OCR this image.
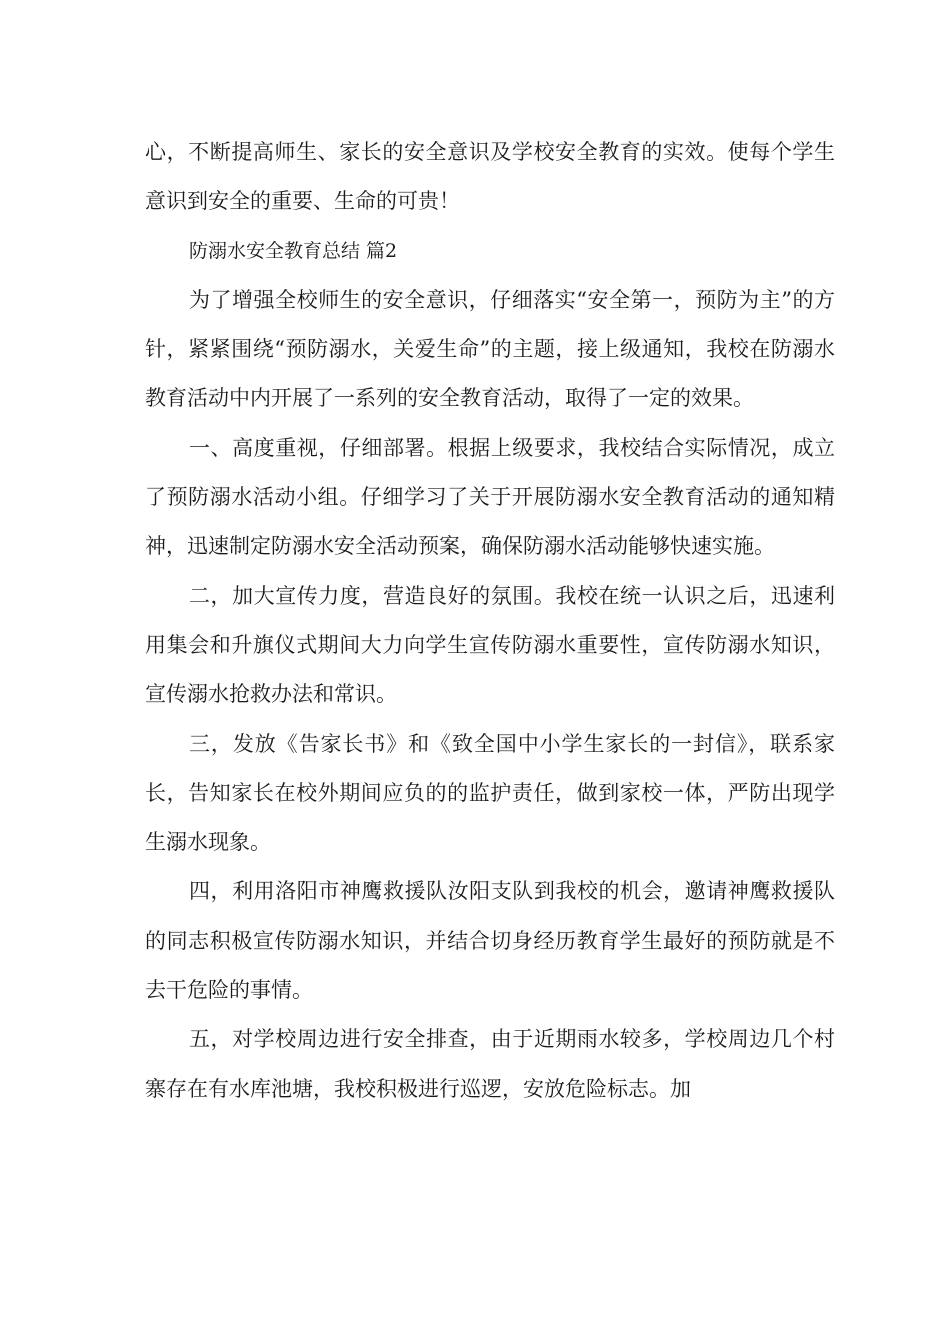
心，不断提高师生、家长的安全意识及学校安全教育的实效。使每个学生意识到安全的重要、生命的可贵！

防溺水安全教育总结 篇2

为了增强全校师生的安全意识，仔细落实“安全第一，预防为主”的方针，紧紧围绕“预防溺水，关爱生命”的主题，接上级通知，我校在防溺水教育活动中内开展了一系列的安全教育活动，取得了一定的效果。

一、高度重视，仔细部署。根据上级要求，我校结合实际情况，成立了预防溺水活动小组。仔细学习了关于开展防溺水安全教育活动的通知精神，迅速制定防溺水安全活动预案，确保防溺水活动能够快速实施。

二，加大宣传力度，营造良好的氛围。我校在统一认识之后，迅速利用集会和升旗仪式期间大力向学生宣传防溺水重要性，宣传防溺水知识，宣传溺水抢救办法和常识。

三，发放《告家长书》和《致全国中小学生家长的一封信》，联系家长，告知家长在校外期间应负的的监护责任，做到家校一体，严防出现学生溺水现象。

四，利用洛阳市神鹰救援队汝阳支队到我校的机会，邀请神鹰救援队的同志积极宣传防溺水知识，并结合切身经历教育学生最好的预防就是不去干危险的事情。

五，对学校周边进行安全排查，由于近期雨水较多，学校周边几个村寨存在有水库池塘，我校积极进行巡逻，安放危险标志。加
